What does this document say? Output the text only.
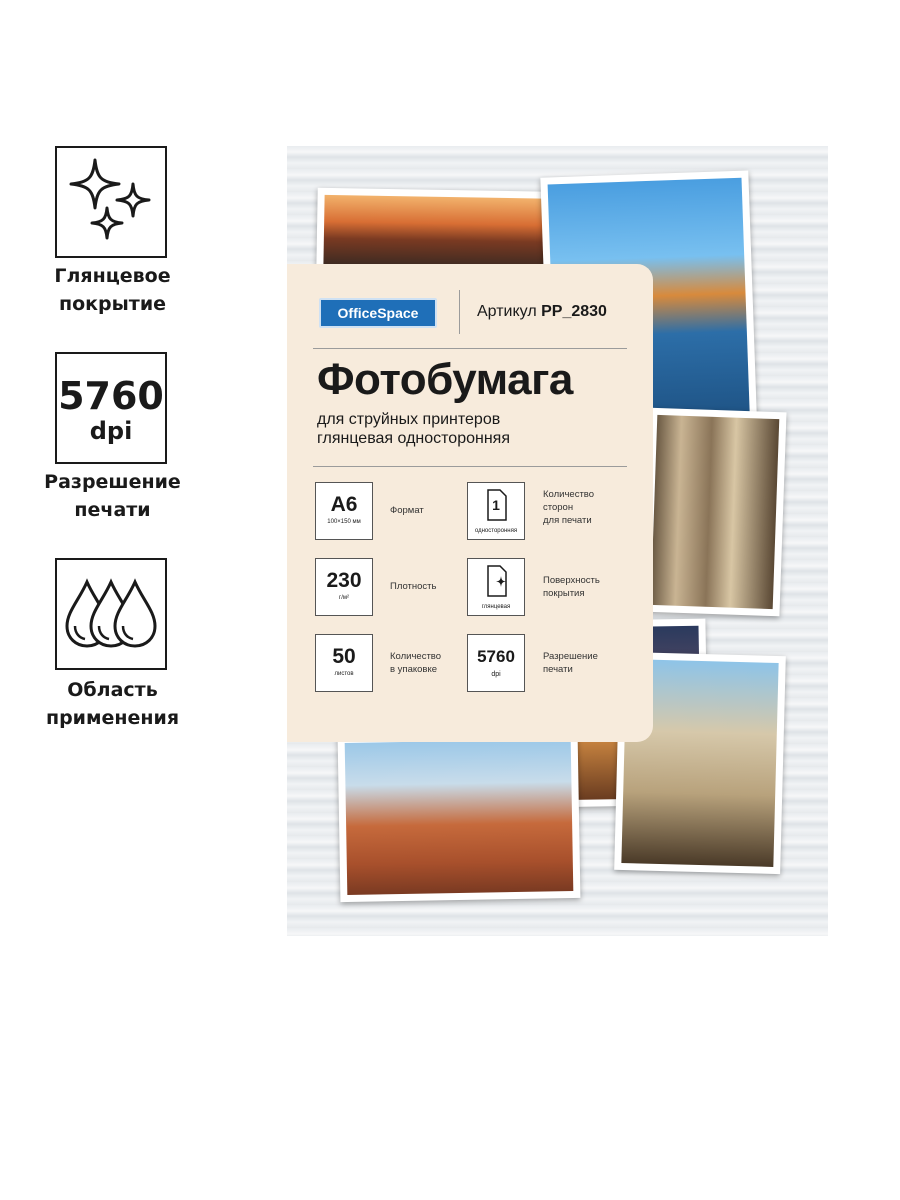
Глянцевое
покрытие
5760
dpi
Разрешение
печати
Область
применения
OfficeSpace	Артикул PP_2830
Фотобумага
для струйных принтеров
глянцевая односторонняя
A6
100×150 мм
Формат	1
односторонняя
Количество
сторон
для печати
230
г/м²
Плотность
глянцевая
Поверхность
покрытия
50
листов
Количество
в упаковке
5760
dpi
Разрешение
печати
